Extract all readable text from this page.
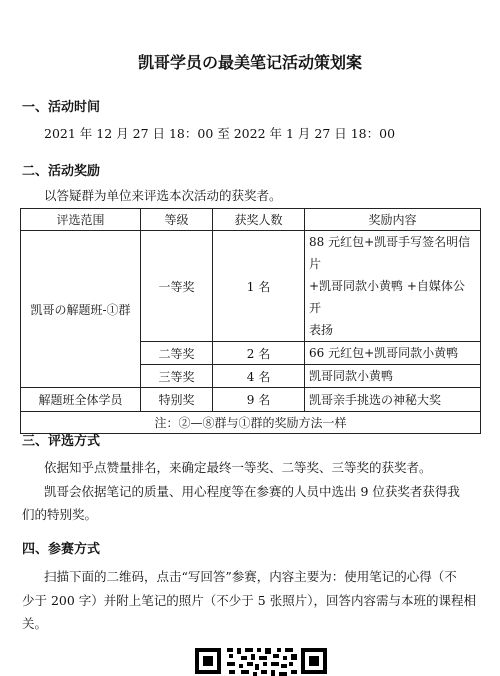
凯哥学员の最美笔记活动策划案
一、活动时间
2021 年 12 月 27 日 18：00 至 2022 年 1 月 27 日 18：00
二、活动奖励
以答疑群为单位来评选本次活动的获奖者。
评选范围	等级	获奖人数	奖励内容
凯哥の解题班-①群	一等奖	1 名	88 元红包+凯哥手写签名明信片
+凯哥同款小黄鸭 +自媒体公开
表扬

	二等奖	2 名	66 元红包+凯哥同款小黄鸭
	三等奖	4 名	凯哥同款小黄鸭
解题班全体学员	特别奖	9 名	凯哥亲手挑选の神秘大奖
注：②—⑧群与①群的奖励方法一样			
三、评选方式
依据知乎点赞量排名，来确定最终一等奖、二等奖、三等奖的获奖者。
凯哥会依据笔记的质量、用心程度等在参赛的人员中选出 9 位获奖者获得我
们的特别奖。
四、参赛方式
扫描下面的二维码，点击“写回答”参赛，内容主要为：使用笔记的心得（不
少于 200 字）并附上笔记的照片（不少于 5 张照片），回答内容需与本班的课程相
关。
